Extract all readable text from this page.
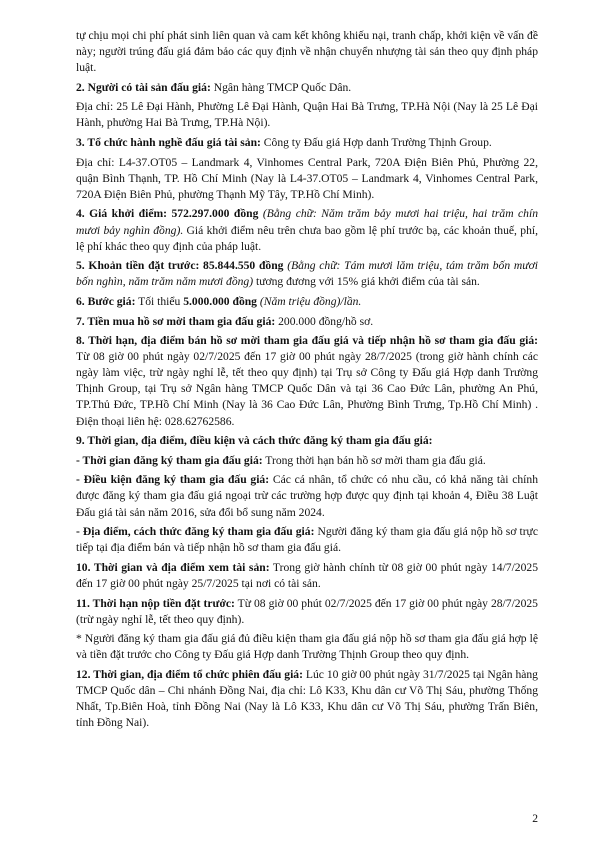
tự chịu mọi chi phí phát sinh liên quan và cam kết không khiếu nại, tranh chấp, khởi kiện về vấn đề này; người trúng đấu giá đảm bảo các quy định về nhận chuyển nhượng tài sản theo quy định pháp luật.

2. Người có tài sản đấu giá: Ngân hàng TMCP Quốc Dân.

Địa chỉ: 25 Lê Đại Hành, Phường Lê Đại Hành, Quận Hai Bà Trưng, TP.Hà Nội (Nay là 25 Lê Đại Hành, phường Hai Bà Trưng, TP.Hà Nội).

3. Tổ chức hành nghề đấu giá tài sản: Công ty Đấu giá Hợp danh Trường Thịnh Group.

Địa chỉ: L4-37.OT05 – Landmark 4, Vinhomes Central Park, 720A Điện Biên Phủ, Phường 22, quận Bình Thạnh, TP. Hồ Chí Minh (Nay là L4-37.OT05 – Landmark 4, Vinhomes Central Park, 720A Điện Biên Phủ, phường Thạnh Mỹ Tây, TP.Hồ Chí Minh).

4. Giá khởi điểm: 572.297.000 đồng (Bằng chữ: Năm trăm bảy mươi hai triệu, hai trăm chín mươi bảy nghìn đồng). Giá khởi điểm nêu trên chưa bao gồm lệ phí trước bạ, các khoản thuế, phí, lệ phí khác theo quy định của pháp luật.

5. Khoản tiền đặt trước: 85.844.550 đồng (Bằng chữ: Tám mươi lăm triệu, tám trăm bốn mươi bốn nghìn, năm trăm năm mươi đồng) tương đương với 15% giá khởi điểm của tài sản.

6. Bước giá: Tối thiểu 5.000.000 đồng (Năm triệu đồng)/lần.

7. Tiền mua hồ sơ mời tham gia đấu giá: 200.000 đồng/hồ sơ.

8. Thời hạn, địa điểm bán hồ sơ mời tham gia đấu giá và tiếp nhận hồ sơ tham gia đấu giá: Từ 08 giờ 00 phút ngày 02/7/2025 đến 17 giờ 00 phút ngày 28/7/2025 (trong giờ hành chính các ngày làm việc, trừ ngày nghỉ lễ, tết theo quy định) tại Trụ sở Công ty Đấu giá Hợp danh Trường Thịnh Group, tại Trụ sở Ngân hàng TMCP Quốc Dân và tại 36 Cao Đức Lân, phường An Phú, TP.Thủ Đức, TP.Hồ Chí Minh (Nay là 36 Cao Đức Lân, Phường Bình Trưng, Tp.Hồ Chí Minh) . Điện thoại liên hệ: 028.62762586.

9. Thời gian, địa điểm, điều kiện và cách thức đăng ký tham gia đấu giá:

- Thời gian đăng ký tham gia đấu giá: Trong thời hạn bán hồ sơ mời tham gia đấu giá.

- Điều kiện đăng ký tham gia đấu giá: Các cá nhân, tổ chức có nhu cầu, có khả năng tài chính được đăng ký tham gia đấu giá ngoại trừ các trường hợp được quy định tại khoản 4, Điều 38 Luật Đấu giá tài sản năm 2016, sửa đổi bổ sung năm 2024.

- Địa điểm, cách thức đăng ký tham gia đấu giá: Người đăng ký tham gia đấu giá nộp hồ sơ trực tiếp tại địa điểm bán và tiếp nhận hồ sơ tham gia đấu giá.

10. Thời gian và địa điểm xem tài sản: Trong giờ hành chính từ 08 giờ 00 phút ngày 14/7/2025 đến 17 giờ 00 phút ngày 25/7/2025 tại nơi có tài sản.

11. Thời hạn nộp tiền đặt trước: Từ 08 giờ 00 phút 02/7/2025 đến 17 giờ 00 phút ngày 28/7/2025 (trừ ngày nghỉ lễ, tết theo quy định).

* Người đăng ký tham gia đấu giá đủ điều kiện tham gia đấu giá nộp hồ sơ tham gia đấu giá hợp lệ và tiền đặt trước cho Công ty Đấu giá Hợp danh Trường Thịnh Group theo quy định.

12. Thời gian, địa điểm tổ chức phiên đấu giá: Lúc 10 giờ 00 phút ngày 31/7/2025 tại Ngân hàng TMCP Quốc dân – Chi nhánh Đồng Nai, địa chỉ: Lô K33, Khu dân cư Võ Thị Sáu, phường Thống Nhất, Tp.Biên Hoà, tỉnh Đồng Nai (Nay là Lô K33, Khu dân cư Võ Thị Sáu, phường Trấn Biên, tỉnh Đồng Nai).

2
